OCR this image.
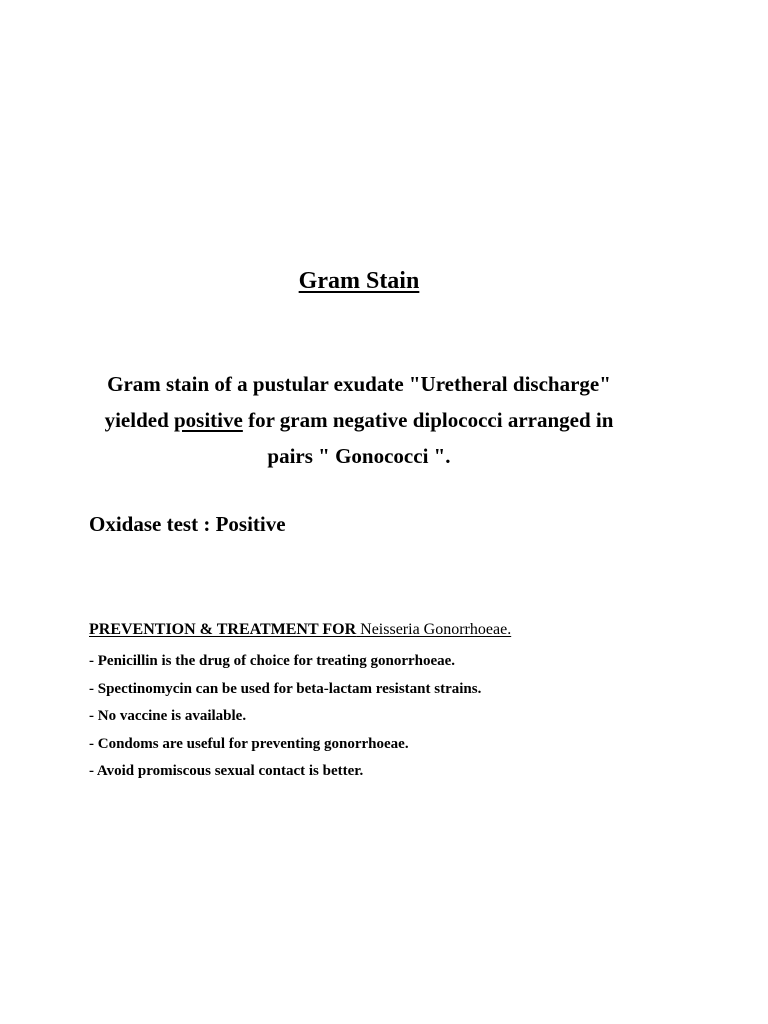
Gram Stain

Gram stain of a pustular exudate "Uretheral discharge"
yielded positive for gram negative diplococci arranged in
pairs " Gonococci ".

Oxidase test : Positive

PREVENTION & TREATMENT FOR Neisseria Gonorrhoeae.
- Penicillin is the drug of choice for treating gonorrhoeae.
- Spectinomycin can be used for beta-lactam resistant strains.
- No vaccine is available.
- Condoms are useful for preventing gonorrhoeae.
- Avoid promiscous sexual contact is better.
